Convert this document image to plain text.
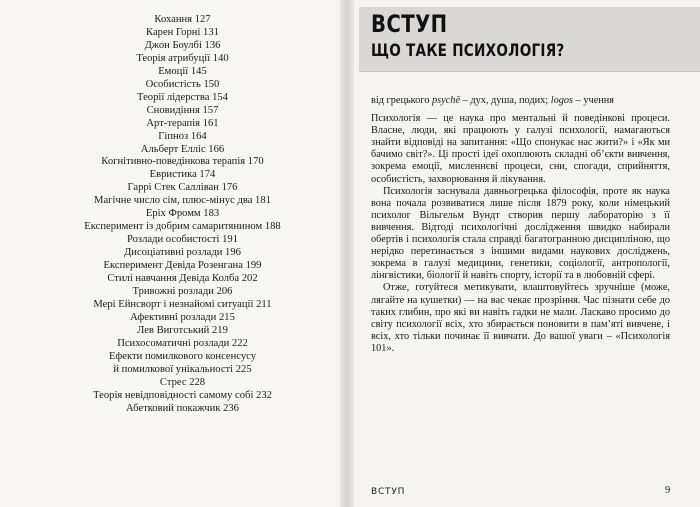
Кохання 127
Карен Горні 131
Джон Боулбі 136
Теорія атрибуції 140
Емоції 145
Особистість 150
Теорії лідерства 154
Сновидіння 157
Арт-терапія 161
Гіпноз 164
Альберт Елліс 166
Когнітивно-поведінкова терапія 170
Евристика 174
Гаррі Стек Салліван 176
Магічне число сім, плюс-мінус два 181
Еріх Фромм 183
Експеримент із добрим самаритянином 188
Розлади особистості 191
Дисоціативні розлади 196
Експеримент Девіда Розенгана 199
Стилі навчання Девіда Колба 202
Тривожні розлади 206
Мері Ейнсворт і незнайомі ситуації 211
Афективні розлади 215
Лев Виготський 219
Психосоматичні розлади 222
Ефекти помилкового консенсусу
й помилкової унікальності 225
Стрес 228
Теорія невідповідності самому собі 232
Абетковий покажчик 236
ВСТУП
ЩО ТАКЕ ПСИХОЛОГІЯ?

від грецького psychē – дух, душа, подих; logos – учення

Психологія — це наука про ментальні й поведінкові процеси. Власне, люди, які працюють у галузі психології, намагаються знайти відповіді на запитання: «Що спонукає нас жити?» і «Як ми бачимо світ?». Ці прості ідеї охоплюють складні об’єкти вивчення, зокрема емоції, мисленнєві процеси, сни, спогади, сприйняття, особистість, захворювання й лікування.

Психологія заснувала давньогрецька філософія, проте як наука вона почала розвиватися лише після 1879 року, коли німецький психолог Вільгельм Вундт створив першу лабораторію з її вивчення. Відтоді психологічні дослідження швидко набирали обертів і психологія стала справді багатогранною дисципліною, що нерідко перетинається з іншими видами наукових досліджень, зокрема в галузі медицини, генетики, соціології, антропології, лінгвістики, біології й навіть спорту, історії та в любовній сфері.

Отже, готуйтеся метикувати, влаштовуйтесь зручніше (може, лягайте на кушетки) — на вас чекає прозріння. Час пізнати себе до таких глибин, про які ви навіть гадки не мали. Ласкаво просимо до світу психології всіх, хто збирається поновити в пам’яті вивчене, і всіх, хто тільки починає її вивчати. До вашої уваги – «Психологія 101».

ВСТУП	9
